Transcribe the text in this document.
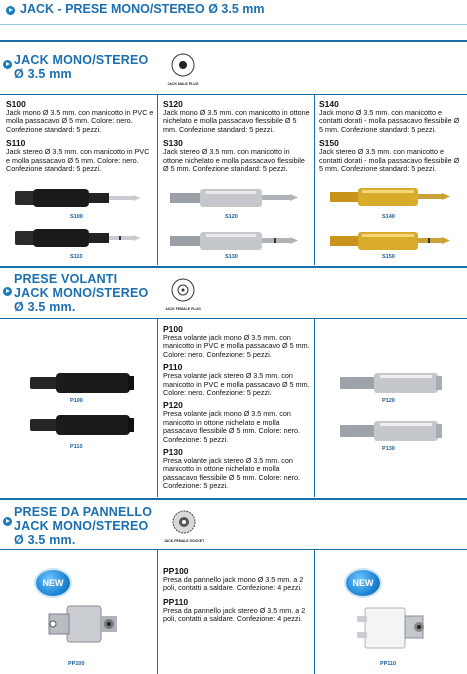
JACK - PRESE MONO/STEREO Ø 3.5 mm
JACK MONO/STEREO
Ø 3.5 mm
JACK MALE PLUG
S100
Jack mono Ø 3.5 mm. con manicotto in PVC e molla passacavo Ø 5 mm. Colore: nero. Confezione standard: 5 pezzi.
S110
Jack stereo Ø 3.5 mm. con manicotto in PVC e molla passacavo Ø 5 mm. Colore: nero. Confezione standard: 5 pezzi.
S120
Jack mono Ø 3.5 mm. con manicotto in ottone nichelato e molla passacavo flessibile Ø 5 mm. Confezione standard: 5 pezzi.
S130
Jack stereo Ø 3.5 mm. con manicotto in ottone nichelato e molla passacavo flessibile Ø 5 mm. Confezione standard: 5 pezzi.
S140
Jack mono Ø 3.5 mm. con manicotto e contatti dorati - molla passacavo flessibile Ø 5 mm. Confezione standard: 5 pezzi.
S150
Jack stereo Ø 3.5 mm. con manicotto e contatti dorati - molla passacavo flessibile Ø 5 mm. Confezione standard: 5 pezzi.
S100
S110
S120
S130
S140
S150
PRESE VOLANTI
JACK MONO/STEREO
Ø 3.5 mm.	JACK FEMALE PLUG
P100
Presa volante jack mono Ø 3.5 mm. con manicotto in PVC e molla passacavo Ø 5 mm. Colore: nero. Confezione: 5 pezzi.
P110
Presa volante jack stereo Ø 3.5 mm. con manicotto in PVC e molla passacavo Ø 5 mm. Colore: nero. Confezione: 5 pezzi.
P120
Presa volante jack mono Ø 3.5 mm. con manicotto in ottone nichelato e molla passacavo flessibile Ø 5 mm. Colore: nero. Confezione: 5 pezzi.
P130
Presa volante jack stereo Ø 3.5 mm. con manicotto in ottone nichelato e molla passacavo flessibile Ø 5 mm. Colore: nero. Confezione: 5 pezzi.
P100
P110
P120
P130
PRESE DA PANNELLO
JACK MONO/STEREO
Ø 3.5 mm.	JACK FEMALE SOCKET
NEW
PP100
PP100
Presa da pannello jack mono Ø 3.5 mm. a 2 poli, contatti a saldare. Confezione: 4 pezzi.
PP110
Presa da pannello jack stereo Ø 3.5 mm. a 2 poli, contatti a saldare. Confezione: 4 pezzi.
NEW
PP110
